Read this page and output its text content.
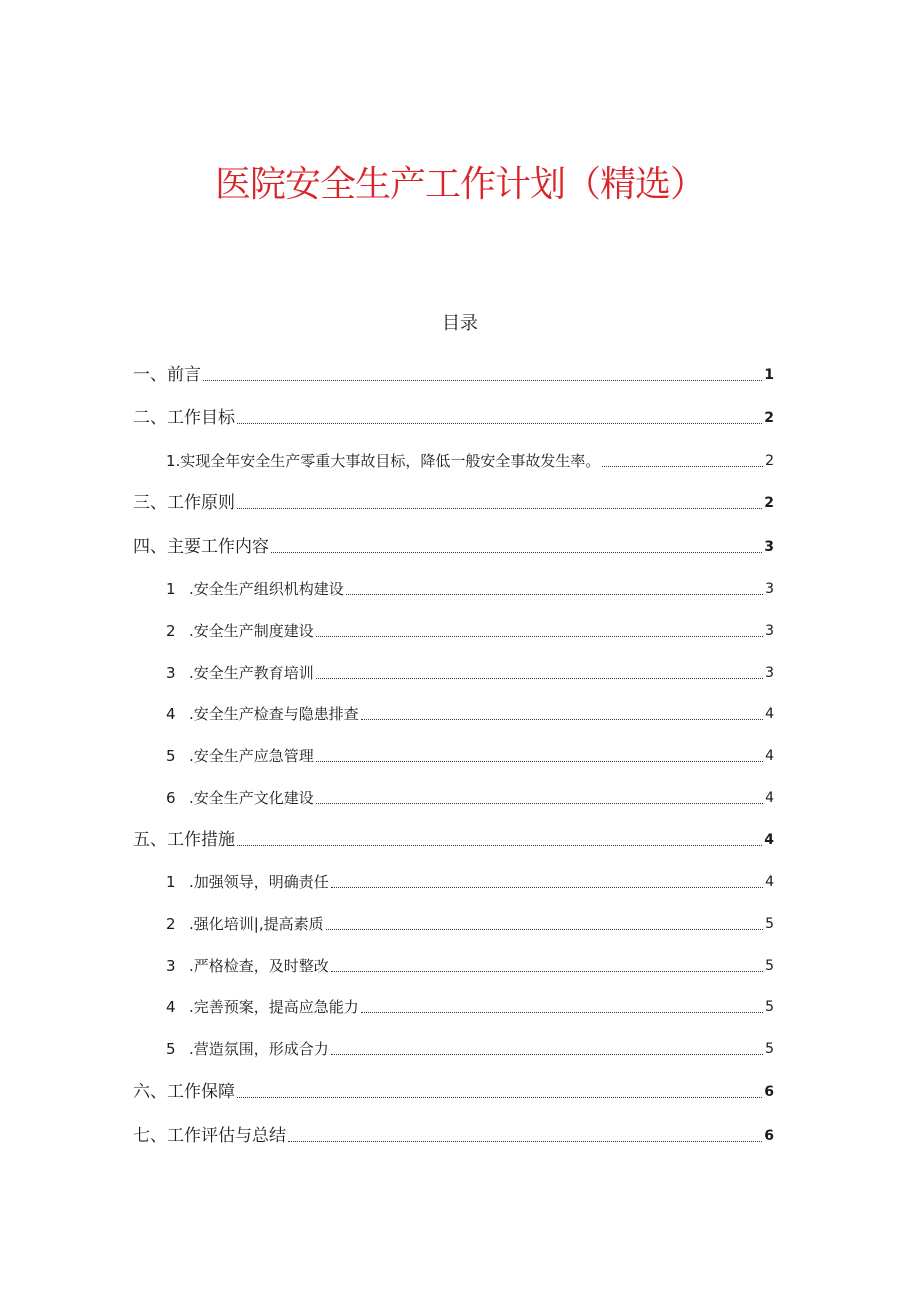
医院安全生产工作计划（精选）
目录
一、 前言	1
二、 工作目标	2
1.实现全年安全生产零重大事故目标，降低一般安全事故发生率。	2
三、 工作原则	2
四、 主要工作内容	3
1 .安全生产组织机构建设	3
2 .安全生产制度建设	3
3 .安全生产教育培训	3
4 .安全生产检查与隐患排查	4
5 .安全生产应急管理	4
6 .安全生产文化建设	4
五、 工作措施	4
1 .加强领导，明确责任	4
2 .强化培训|,提高素质	5
3 .严格检查，及时整改	5
4 .完善预案，提高应急能力	5
5 .营造氛围，形成合力	5
六、 工作保障	6
七、 工作评估与总结	6
